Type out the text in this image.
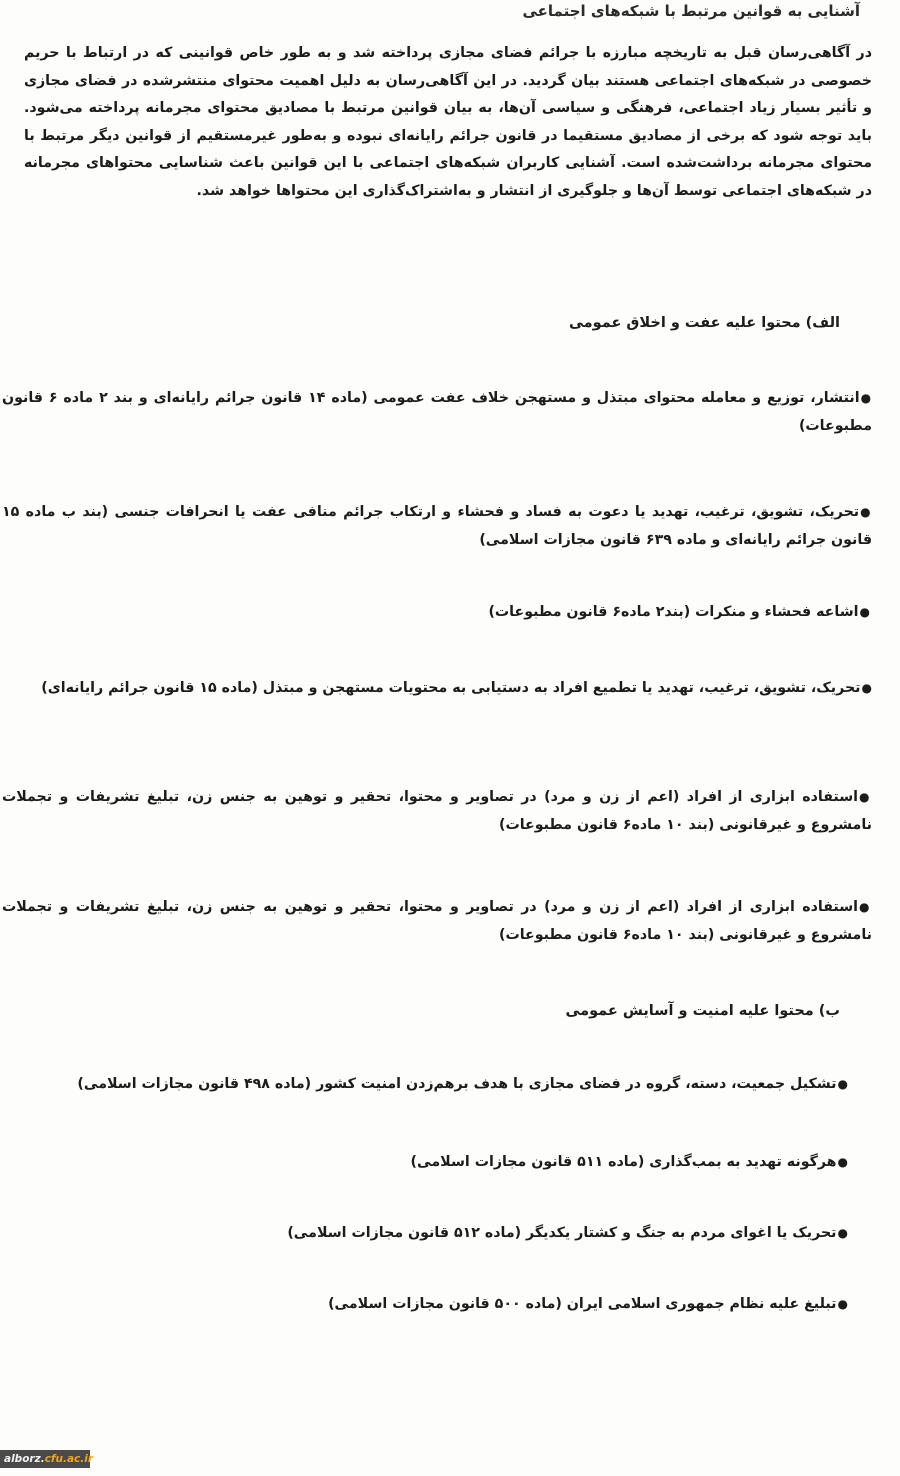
آشنایی به قوانین مرتبط با شبکه‌های اجتماعی

در آگاهی‌رسان قبل به تاریخچه مبارزه با جرائم فضای مجازی پرداخته شد و به طور خاص قوانینی که در ارتباط با حریم خصوصی در شبکه‌های اجتماعی هستند بیان گردید. در این آگاهی‌رسان به دلیل اهمیت محتوای منتشرشده در فضای مجازی و تأثیر بسیار زیاد اجتماعی، فرهنگی و سیاسی آن‌ها، به بیان قوانین مرتبط با مصادیق محتوای مجرمانه پرداخته می‌شود. باید توجه شود که برخی از مصادیق مستقیما در قانون جرائم رایانه‌ای نبوده و به‌طور غیرمستقیم از قوانین دیگر مرتبط با محتوای مجرمانه برداشت‌شده است. آشنایی کاربران شبکه‌های اجتماعی با این قوانین باعث شناسایی محتواهای مجرمانه در شبکه‌های اجتماعی توسط آن‌ها و جلوگیری از انتشار و به‌اشتراک‌گذاری این محتواها خواهد شد.

الف) محتوا علیه عفت و اخلاق عمومی
●انتشار، توزیع و معامله محتوای مبتذل و مستهجن خلاف عفت عمومی (ماده ۱۴ قانون جرائم رایانه‌ای و بند ۲ ماده ۶ قانون مطبوعات)
●تحریک، تشویق، ترغیب، تهدید یا دعوت به فساد و فحشاء و ارتکاب جرائم منافی عفت یا انحرافات جنسی (بند ب ماده ۱۵ قانون جرائم رایانه‌ای و ماده ۶۳۹ قانون مجازات اسلامی)
●اشاعه فحشاء و منکرات (بند۲ ماده۶ قانون مطبوعات)
●تحریک، تشویق، ترغیب، تهدید یا تطمیع افراد به دستیابی به محتویات مستهجن و مبتذل (ماده ۱۵ قانون جرائم رایانه‌ای)
●استفاده ابزاری از افراد (اعم از زن و مرد) در تصاویر و محتوا، تحقیر و توهین به جنس زن، تبلیغ تشریفات و تجملات نامشروع و غیرقانونی (بند ۱۰ ماده۶ قانون مطبوعات)
●استفاده ابزاری از افراد (اعم از زن و مرد) در تصاویر و محتوا، تحقیر و توهین به جنس زن، تبلیغ تشریفات و تجملات نامشروع و غیرقانونی (بند ۱۰ ماده۶ قانون مطبوعات)
ب) محتوا علیه امنیت و آسایش عمومی
●تشکیل جمعیت، دسته، گروه در فضای مجازی با هدف برهم‌زدن امنیت کشور (ماده ۴۹۸ قانون مجازات اسلامی)
●هرگونه تهدید به بمب‌گذاری (ماده ۵۱۱ قانون مجازات اسلامی)
●تحریک یا اغوای مردم به جنگ و کشتار یکدیگر (ماده ۵۱۲ قانون مجازات اسلامی)
●تبلیغ علیه نظام جمهوری اسلامی ایران (ماده ۵۰۰ قانون مجازات اسلامی)
alborz.cfu.ac.ir
